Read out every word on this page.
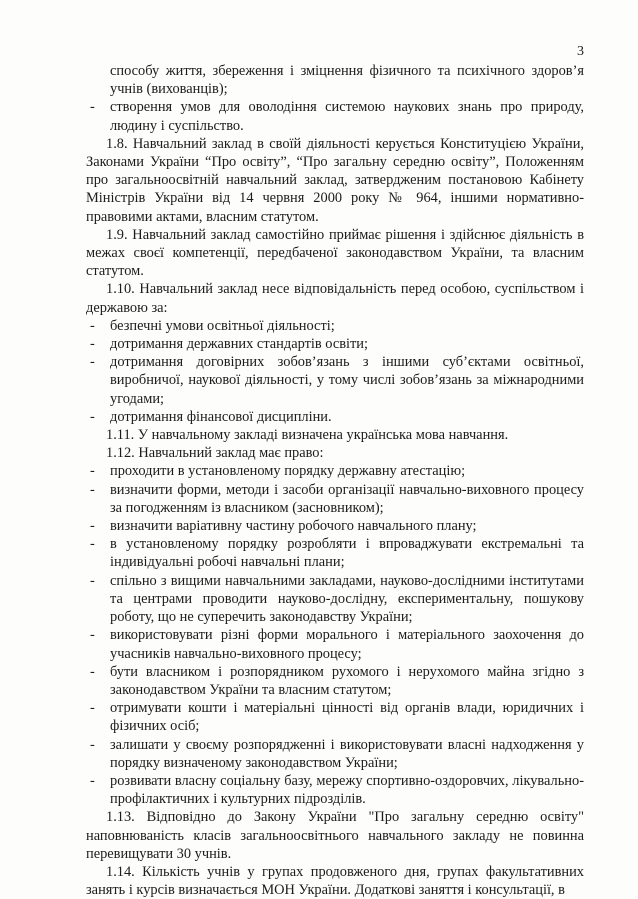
3
способу життя, збереження і зміцнення фізичного та психічного здоров’я учнів (вихованців);
- створення умов для оволодіння системою наукових знань про природу, людину і суспільство.

1.8. Навчальний заклад в своїй діяльності керується Конституцією України, Законами України “Про освіту”, “Про загальну середню освіту”, Положенням про загальноосвітній навчальний заклад, затвердженим постановою Кабінету Міністрів України від 14 червня 2000 року № 964, іншими нормативно-правовими актами, власним статутом.

1.9. Навчальний заклад самостійно приймає рішення і здійснює діяльність в межах своєї компетенції, передбаченої законодавством України, та власним статутом.

1.10. Навчальний заклад несе відповідальність перед особою, суспільством і державою за:

- безпечні умови освітньої діяльності;
- дотримання державних стандартів освіти;
- дотримання договірних зобов’язань з іншими суб’єктами освітньої, виробничої, наукової діяльності, у тому числі зобов’язань за міжнародними угодами;
- дотримання фінансової дисципліни.

1.11. У навчальному закладі визначена українська мова навчання.

1.12. Навчальний заклад має право:

- проходити в установленому порядку державну атестацію;
- визначити форми, методи і засоби організації навчально-виховного процесу за погодженням із власником (засновником);
- визначити варіативну частину робочого навчального плану;
- в установленому порядку розробляти і впроваджувати екстремальні та індивідуальні робочі навчальні плани;
- спільно з вищими навчальними закладами, науково-дослідними інститутами та центрами проводити науково-дослідну, експериментальну, пошукову роботу, що не суперечить законодавству України;
- використовувати різні форми морального і матеріального заохочення до учасників навчально-виховного процесу;
- бути власником і розпорядником рухомого і нерухомого майна згідно з законодавством України та власним статутом;
- отримувати кошти і матеріальні цінності від органів влади, юридичних і фізичних осіб;
- залишати у своєму розпорядженні і використовувати власні надходження у порядку визначеному законодавством України;
- розвивати власну соціальну базу, мережу спортивно-оздоровчих, лікувально-профілактичних і культурних підрозділів.

1.13. Відповідно до Закону України "Про загальну середню освіту" наповнюваність класів загальноосвітнього навчального закладу не повинна перевищувати 30 учнів.

1.14. Кількість учнів у групах продовженого дня, групах факультативних занять і курсів визначається МОН України. Додаткові заняття і консультації, в
